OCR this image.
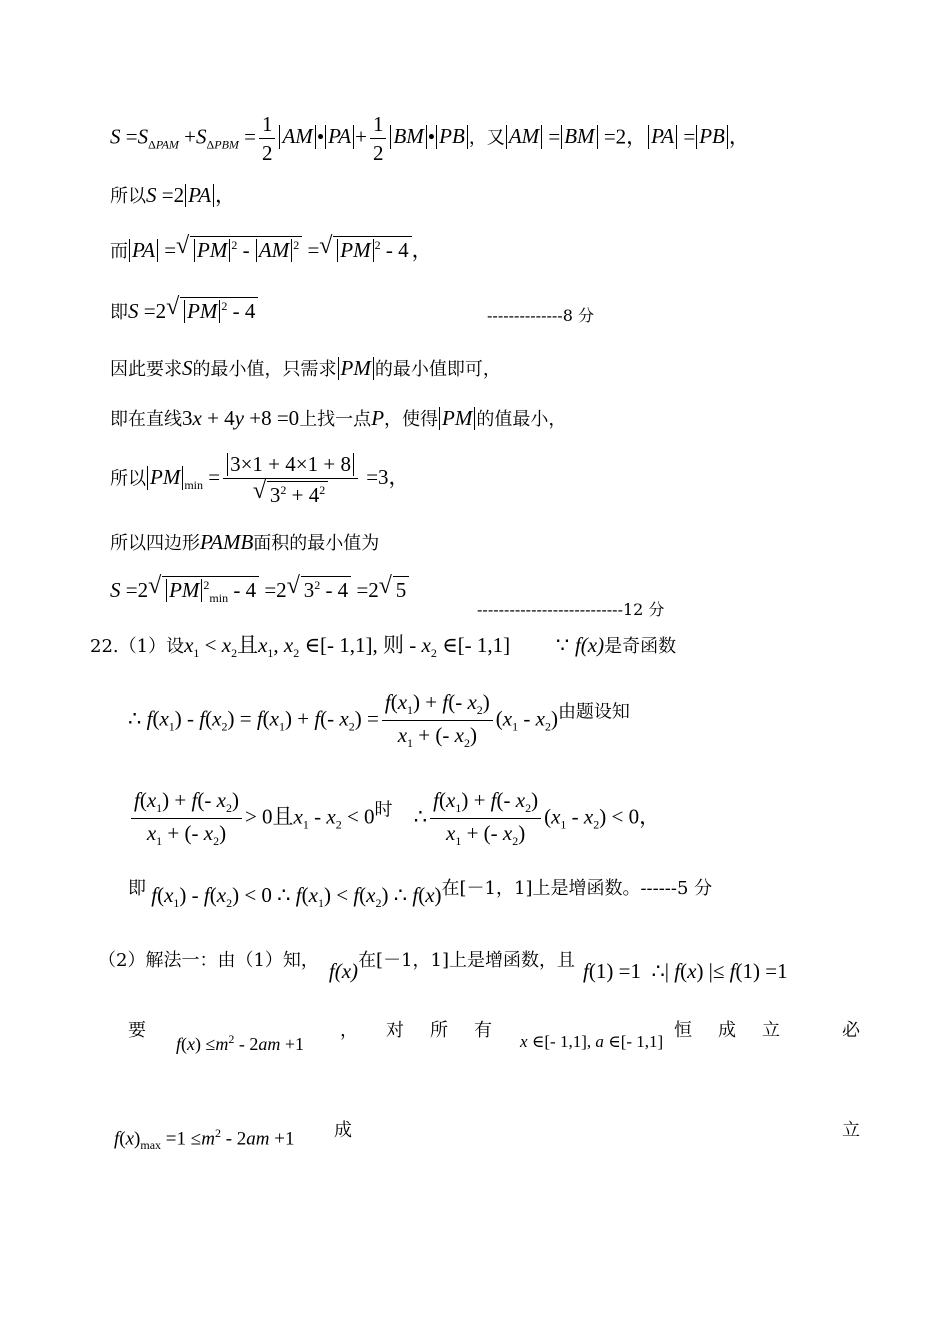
$S =S_{\Delta PAM} +S_{\Delta PBM} = \frac{1}{2}$ AM • PA + $\frac{1}{2}$ BM • PB ，又 AM = BM =2， PA = PB ，
所以S =2 PA ，
而 PA = √ PM $^2$ - AM $^2$ = √ PM $^2$ - 4 ，
即S =2 √ PM $^2$ - 4	--------------8 分
因此要求S的最小值，只需求 PM 的最小值即可，
即在直线3x + 4y +8 =0上找一点P，使得 PM 的值最小，
所以 PM $_{min} = \frac{3\times 1 + 4\times 1 + 8}{√ 3^2 + 4^2} =3$，
所以四边形PAMB面积的最小值为
S =2 √ PM $^2_{min}$ - 4 =2 √ $3^2 - 4 =2$ √ 5
---------------------------12 分
22.（1）设$x_1 < x_2$且$x_1$, $x_2$ ∈[- 1,1], 则 - $x_2$ ∈[- 1,1] ∵ f(x)是奇函数
∴ $f(x_1) - f(x_2) = f(x_1) + f(-$ $x_2) = \frac{f(x_1) + f(- x_2)}{x_1 + (- x_2)} (x_1 - x_2)$由题设知
$\frac{f(x_1) + f(- x_2)}{x_1 + (- x_2)} > 0$且$x_1 - x_2 < 0$时 ∴ $\frac{f(x_1) + f(- x_2)}{x_1 + (- x_2)} (x_1 - x_2) < 0$，
即 $f(x_1) - f(x_2) < 0$ ∴ $f(x_1) < f(x_2)$ ∴ f(x)在[－1，1]上是增函数。------5 分
（2）解法一：由（1）知， f(x)在[－1，1]上是增函数，且 f(1) =1  ∴| f(x) |≤ f(1) =1
要
$f(x) \le m^2 - 2am +1$
， 对 所 有
x ∈[- 1,1], a ∈[- 1,1]
恒 成 立	必
$f(x)_{max} =1 \le m^2 - 2am +1$ 成	立
